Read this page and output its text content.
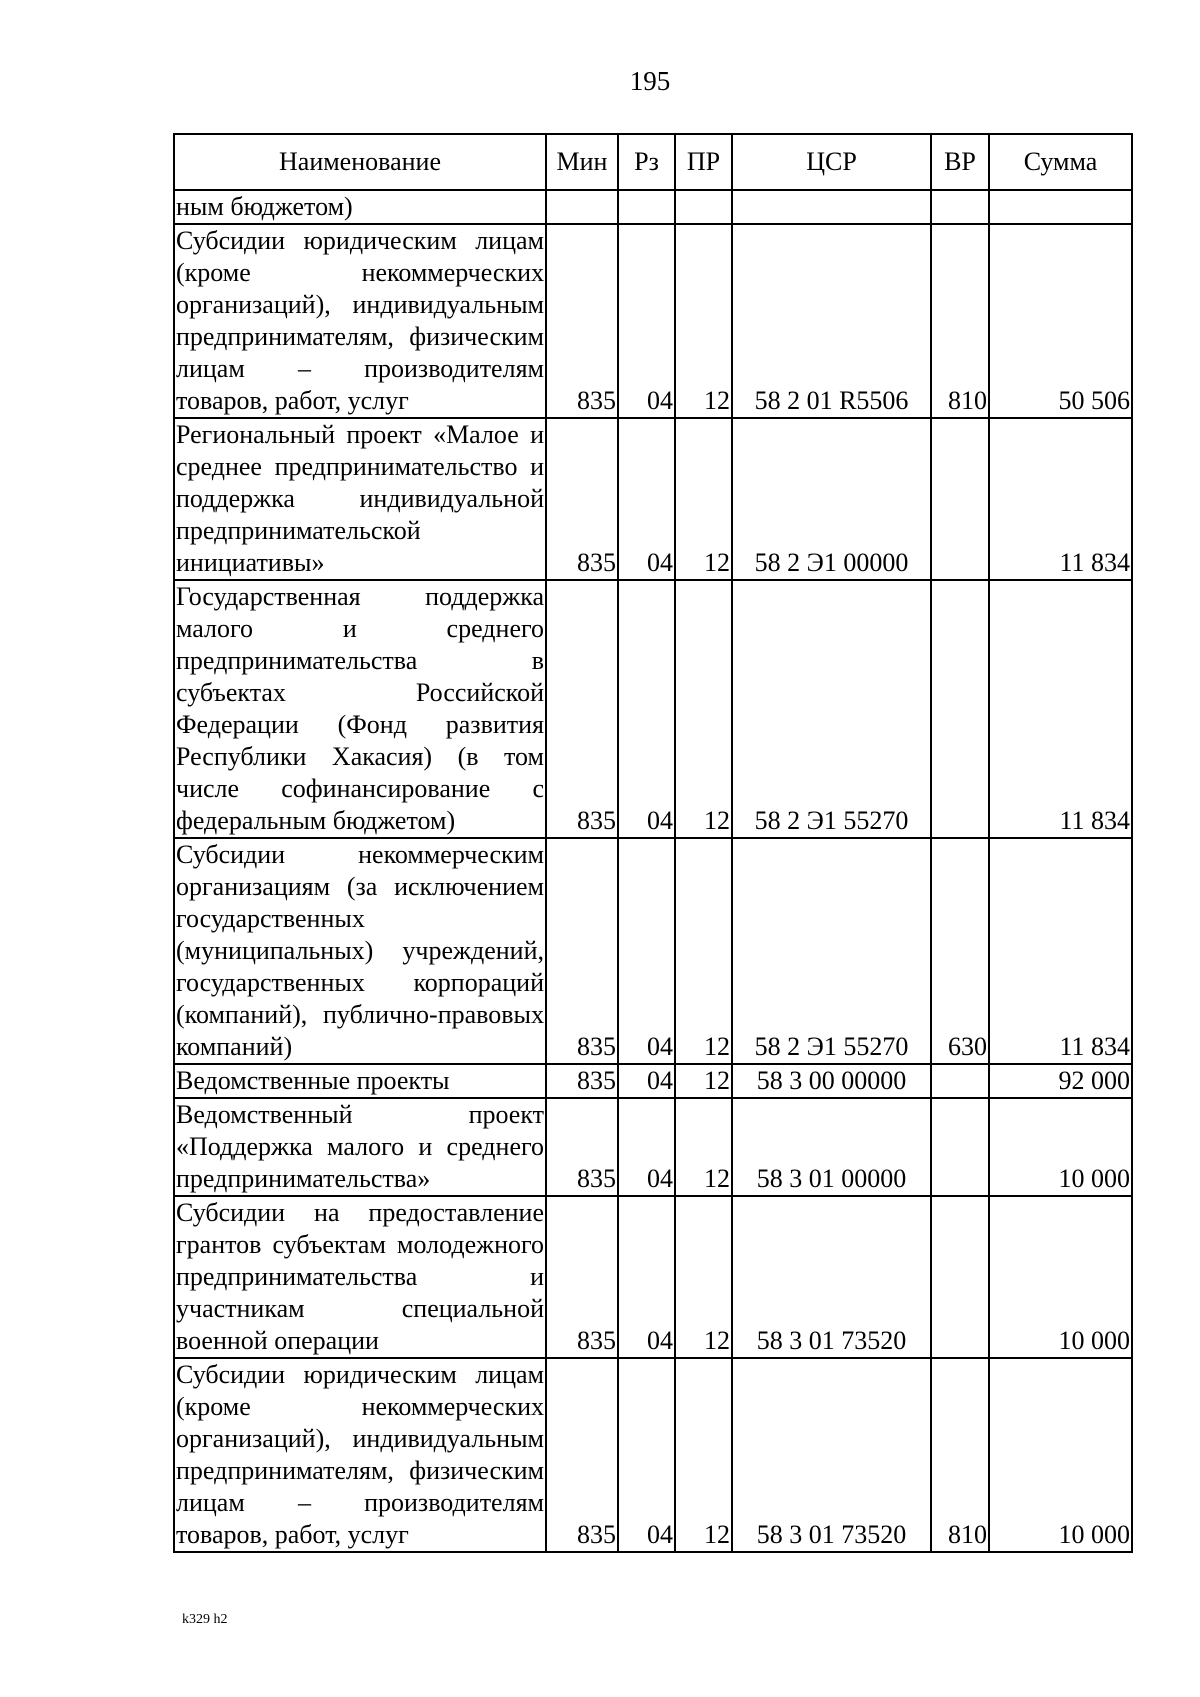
195
Наименование	Мин	Рз	ПР	ЦСР	ВР	Сумма
ным бюджетом)						
Субсидии юридическим лицам (кроме некоммерческих организаций), индивидуальным предпринимателям, физическим лицам – производителям товаров, работ, услуг	835	04	12	58 2 01 R5506	810	50 506
Региональный проект «Малое и среднее предпринимательство и поддержка индивидуальной предпринимательской инициативы»	835	04	12	58 2 Э1 00000		11 834
Государственная поддержка малого и среднего предпринимательства в субъектах Российской Федерации (Фонд развития Республики Хакасия) (в том числе софинансирование с федеральным бюджетом)	835	04	12	58 2 Э1 55270		11 834
Субсидии некоммерческим организациям (за исключением государственных (муниципальных) учреждений, государственных корпораций (компаний), публично-правовых компаний)	835	04	12	58 2 Э1 55270	630	11 834
Ведомственные проекты	835	04	12	58 3 00 00000		92 000
Ведомственный проект «Поддержка малого и среднего предпринимательства»	835	04	12	58 3 01 00000		10 000
Субсидии на предоставление грантов субъектам молодежного предпринимательства и участникам специальной военной операции	835	04	12	58 3 01 73520		10 000
Субсидии юридическим лицам (кроме некоммерческих организаций), индивидуальным предпринимателям, физическим лицам – производителям товаров, работ, услуг	835	04	12	58 3 01 73520	810	10 000
k329 h2
